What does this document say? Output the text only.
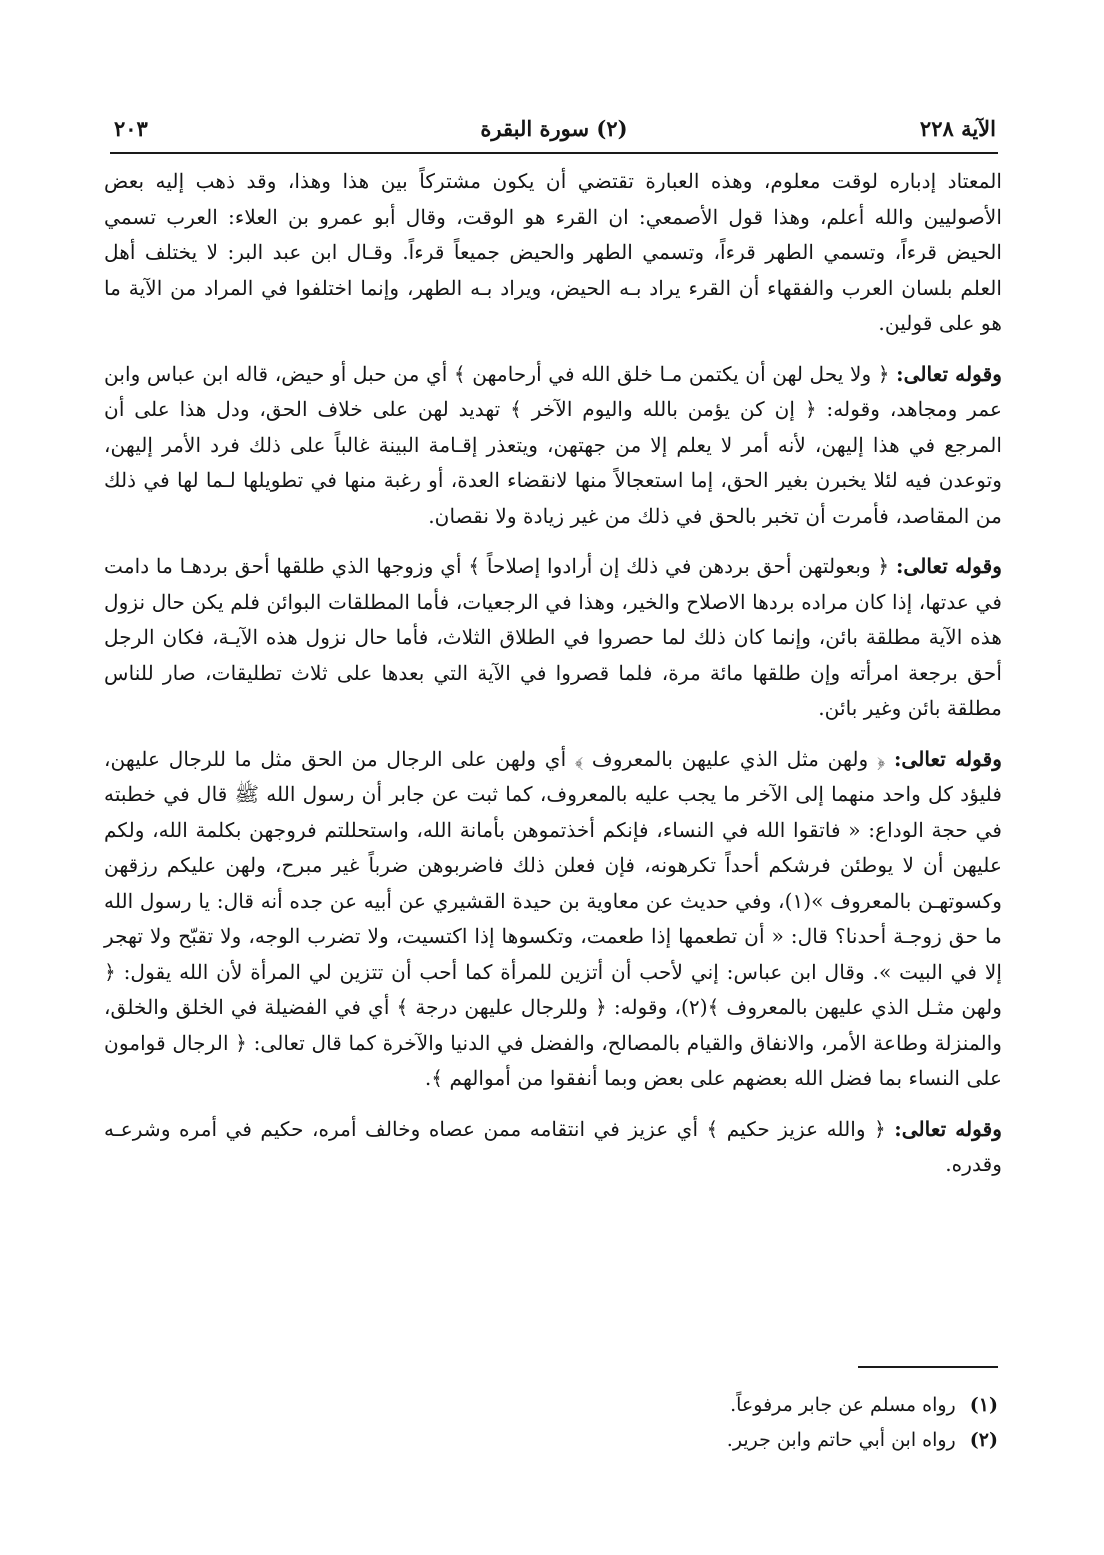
الآية ٢٢٨
(٢) سورة البقرة
٢٠٣

المعتاد إدباره لوقت معلوم، وهذه العبارة تقتضي أن يكون مشتركاً بين هذا وهذا، وقد ذهب إليه بعض الأصوليين والله أعلم، وهذا قول الأصمعي: ان القرء هو الوقت، وقال أبو عمرو بن العلاء: العرب تسمي الحيض قرءاً، وتسمي الطهر قرءاً، وتسمي الطهر والحيض جميعاً قرءاً. وقـال ابن عبد البر: لا يختلف أهل العلم بلسان العرب والفقهاء أن القرء يراد بـه الحيض، ويراد بـه الطهر، وإنما اختلفوا في المراد من الآية ما هو على قولين.

وقوله تعالى: ﴿ ولا يحل لهن أن يكتمن مـا خلق الله في أرحامهن ﴾ أي من حبل أو حيض، قاله ابن عباس وابن عمر ومجاهد، وقوله: ﴿ إن كن يؤمن بالله واليوم الآخر ﴾ تهديد لهن على خلاف الحق، ودل هذا على أن المرجع في هذا إليهن، لأنه أمر لا يعلم إلا من جهتهن، ويتعذر إقـامة البينة غالباً على ذلك فرد الأمر إليهن، وتوعدن فيه لئلا يخبرن بغير الحق، إما استعجالاً منها لانقضاء العدة، أو رغبة منها في تطويلها لـما لها في ذلك من المقاصد، فأمرت أن تخبر بالحق في ذلك من غير زيادة ولا نقصان.

وقوله تعالى: ﴿ وبعولتهن أحق بردهن في ذلك إن أرادوا إصلاحاً ﴾ أي وزوجها الذي طلقها أحق بردهـا ما دامت في عدتها، إذا كان مراده بردها الاصلاح والخير، وهذا في الرجعيات، فأما المطلقات البوائن فلم يكن حال نزول هذه الآية مطلقة بائن، وإنما كان ذلك لما حصروا في الطلاق الثلاث، فأما حال نزول هذه الآيـة، فكان الرجل أحق برجعة امرأته وإن طلقها مائة مرة، فلما قصروا في الآية التي بعدها على ثلاث تطليقات، صار للناس مطلقة بائن وغير بائن.

وقوله تعالى: ﴿ ولهن مثل الذي عليهن بالمعروف ﴾ أي ولهن على الرجال من الحق مثل ما للرجال عليهن، فليؤد كل واحد منهما إلى الآخر ما يجب عليه بالمعروف، كما ثبت عن جابر أن رسول الله ﷺ قال في خطبته في حجة الوداع: « فاتقوا الله في النساء، فإنكم أخذتموهن بأمانة الله، واستحللتم فروجهن بكلمة الله، ولكم عليهن أن لا يوطئن فرشكم أحداً تكرهونه، فإن فعلن ذلك فاضربوهن ضرباً غير مبرح، ولهن عليكم رزقهن وكسوتهـن بالمعروف »(١)، وفي حديث عن معاوية بن حيدة القشيري عن أبيه عن جده أنه قال: يا رسول الله ما حق زوجـة أحدنا؟ قال: « أن تطعمها إذا طعمت، وتكسوها إذا اكتسيت، ولا تضرب الوجه، ولا تقبّح ولا تهجر إلا في البيت ». وقال ابن عباس: إني لأحب أن أتزين للمرأة كما أحب أن تتزين لي المرأة لأن الله يقول: ﴿ ولهن مثـل الذي عليهن بالمعروف ﴾(٢)، وقوله: ﴿ وللرجال عليهن درجة ﴾ أي في الفضيلة في الخلق والخلق، والمنزلة وطاعة الأمر، والانفاق والقيام بالمصالح، والفضل في الدنيا والآخرة كما قال تعالى: ﴿ الرجال قوامون على النساء بما فضل الله بعضهم على بعض وبما أنفقوا من أموالهم ﴾.

وقوله تعالى: ﴿ والله عزيز حكيم ﴾ أي عزيز في انتقامه ممن عصاه وخالف أمره، حكيم في أمره وشرعـه وقدره.

(١) رواه مسلم عن جابر مرفوعاً.
(٢) رواه ابن أبي حاتم وابن جرير.
